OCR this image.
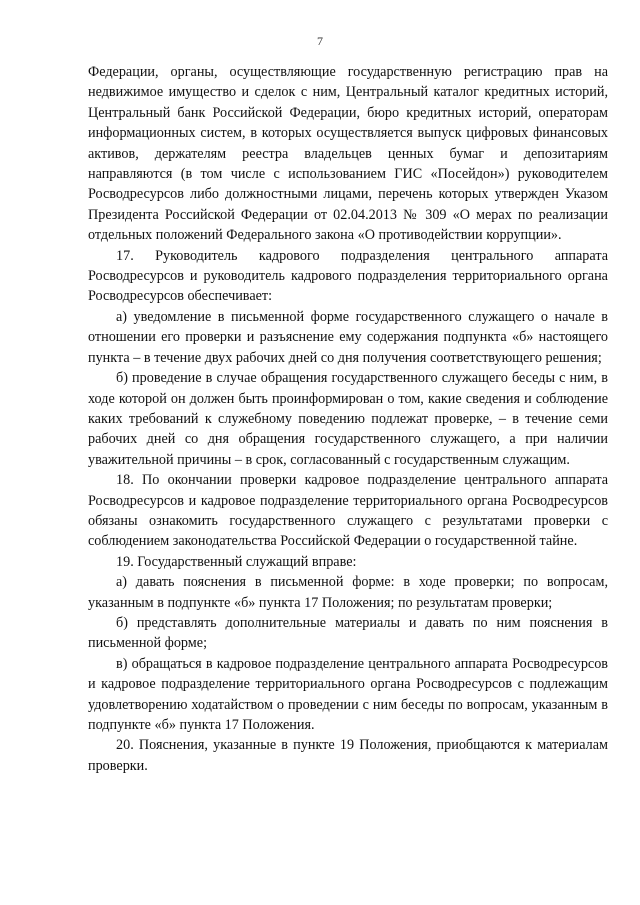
7

Федерации, органы, осуществляющие государственную регистрацию прав на недвижимое имущество и сделок с ним, Центральный каталог кредитных историй, Центральный банк Российской Федерации, бюро кредитных историй, операторам информационных систем, в которых осуществляется выпуск цифровых финансовых активов, держателям реестра владельцев ценных бумаг и депозитариям направляются (в том числе с использованием ГИС «Посейдон») руководителем Росводресурсов либо должностными лицами, перечень которых утвержден Указом Президента Российской Федерации от 02.04.2013 № 309 «О мерах по реализации отдельных положений Федерального закона «О противодействии коррупции».

17. Руководитель кадрового подразделения центрального аппарата Росводресурсов и руководитель кадрового подразделения территориального органа Росводресурсов обеспечивает:

а) уведомление в письменной форме государственного служащего о начале в отношении его проверки и разъяснение ему содержания подпункта «б» настоящего пункта – в течение двух рабочих дней со дня получения соответствующего решения;

б) проведение в случае обращения государственного служащего беседы с ним, в ходе которой он должен быть проинформирован о том, какие сведения и соблюдение каких требований к служебному поведению подлежат проверке, – в течение семи рабочих дней со дня обращения государственного служащего, а при наличии уважительной причины – в срок, согласованный с государственным служащим.

18. По окончании проверки кадровое подразделение центрального аппарата Росводресурсов и кадровое подразделение территориального органа Росводресурсов обязаны ознакомить государственного служащего с результатами проверки с соблюдением законодательства Российской Федерации о государственной тайне.

19. Государственный служащий вправе:

а) давать пояснения в письменной форме: в ходе проверки; по вопросам, указанным в подпункте «б» пункта 17 Положения; по результатам проверки;

б) представлять дополнительные материалы и давать по ним пояснения в письменной форме;

в) обращаться в кадровое подразделение центрального аппарата Росводресурсов и кадровое подразделение территориального органа Росводресурсов с подлежащим удовлетворению ходатайством о проведении с ним беседы по вопросам, указанным в подпункте «б» пункта 17 Положения.

20. Пояснения, указанные в пункте 19 Положения, приобщаются к материалам проверки.
